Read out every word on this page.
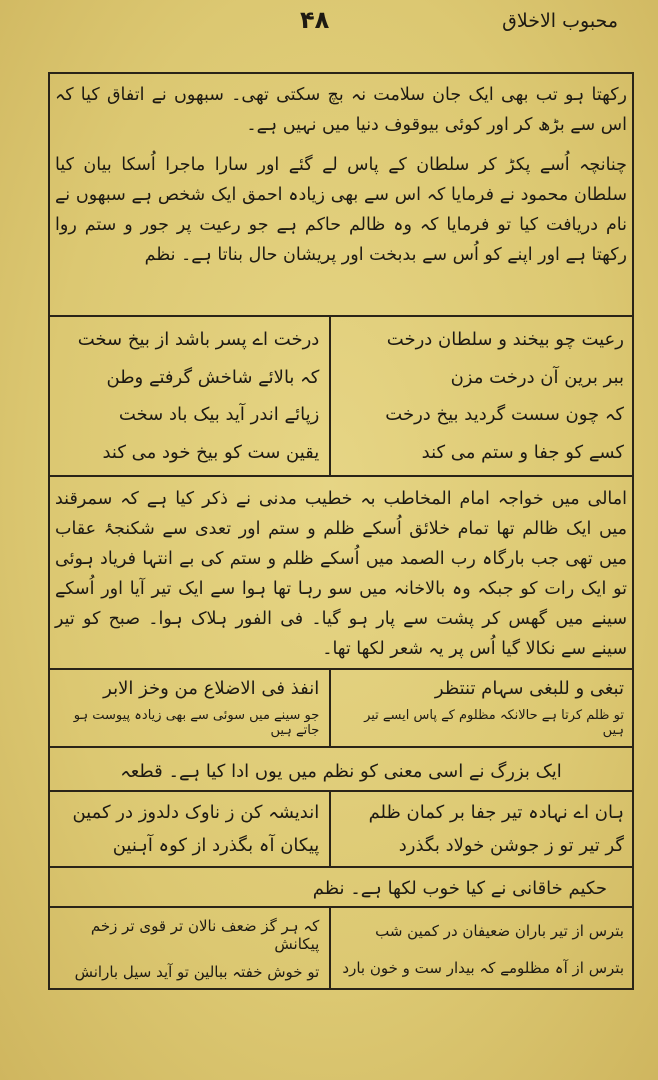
۴۸	محبوب الاخلاق
رکھتا ہو تب بھی ایک جان سلامت نہ بچ سکتی تھی۔ سبھوں نے اتفاق کیا کہ اس سے بڑھ کر اور کوئی بیوقوف دنیا میں نہیں ہے۔
چنانچہ اُسے پکڑ کر سلطان کے پاس لے گئے اور سارا ماجرا اُسکا بیان کیا سلطان محمود نے فرمایا کہ اس سے بھی زیادہ احمق ایک شخص ہے سبھوں نے نام دریافت کیا تو فرمایا کہ وہ ظالم حاکم ہے جو رعیت پر جور و ستم روا رکھتا ہے اور اپنے کو اُس سے بدبخت اور پریشان حال بناتا ہے۔ نظم
رعیت چو بیخند و سلطان درخت
ببر برین آن درخت مزن
کہ چون سست گردید بیخ درخت
کسے کو جفا و ستم می کند
درخت اے پسر باشد از بیخ سخت
کہ بالائے شاخش گرفتے وطن
زپائے اندر آید بیک باد سخت
یقین ست کو بیخ خود می کند
امالی میں خواجہ امام المخاطب بہ خطیب مدنی نے ذکر کیا ہے کہ سمرقند میں ایک ظالم تھا تمام خلائق اُسکے ظلم و ستم اور تعدی سے شکنجۂ عقاب میں تھی جب بارگاہ رب الصمد میں اُسکے ظلم و ستم کی بے انتہا فریاد ہوئی تو ایک رات کو جبکہ وہ بالاخانہ میں سو رہا تھا ہوا سے ایک تیر آیا اور اُسکے سینے میں گھس کر پشت سے پار ہو گیا۔ فی الفور ہلاک ہوا۔ صبح کو تیر سینے سے نکالا گیا اُس پر یہ شعر لکھا تھا۔
تبغی و للبغی سہام تنتظر
تو ظلم کرتا ہے حالانکہ مظلوم کے پاس ایسے تیر ہیں
انفذ فی الاضلاع من وخز الابر
جو سینے میں سوئی سے بھی زیادہ پیوست ہو جاتے ہیں
ایک بزرگ نے اسی معنی کو نظم میں یوں ادا کیا ہے۔ قطعہ
ہان اے نہادہ تیر جفا بر کمان ظلم
گر تیر تو ز جوشن خولاد بگذرد
اندیشہ کن ز ناوک دلدوز در کمین
پیکان آہ بگذرد از کوہ آہنین
حکیم خاقانی نے کیا خوب لکھا ہے۔ نظم
بترس از تیر باران ضعیفان در کمین شب
بترس از آہ مظلومے کہ بیدار ست و خون بارد
کہ ہر گز ضعف نالان تر قوی تر زخم پیکانش
تو خوش خفتہ ببالین تو آید سیل بارانش
